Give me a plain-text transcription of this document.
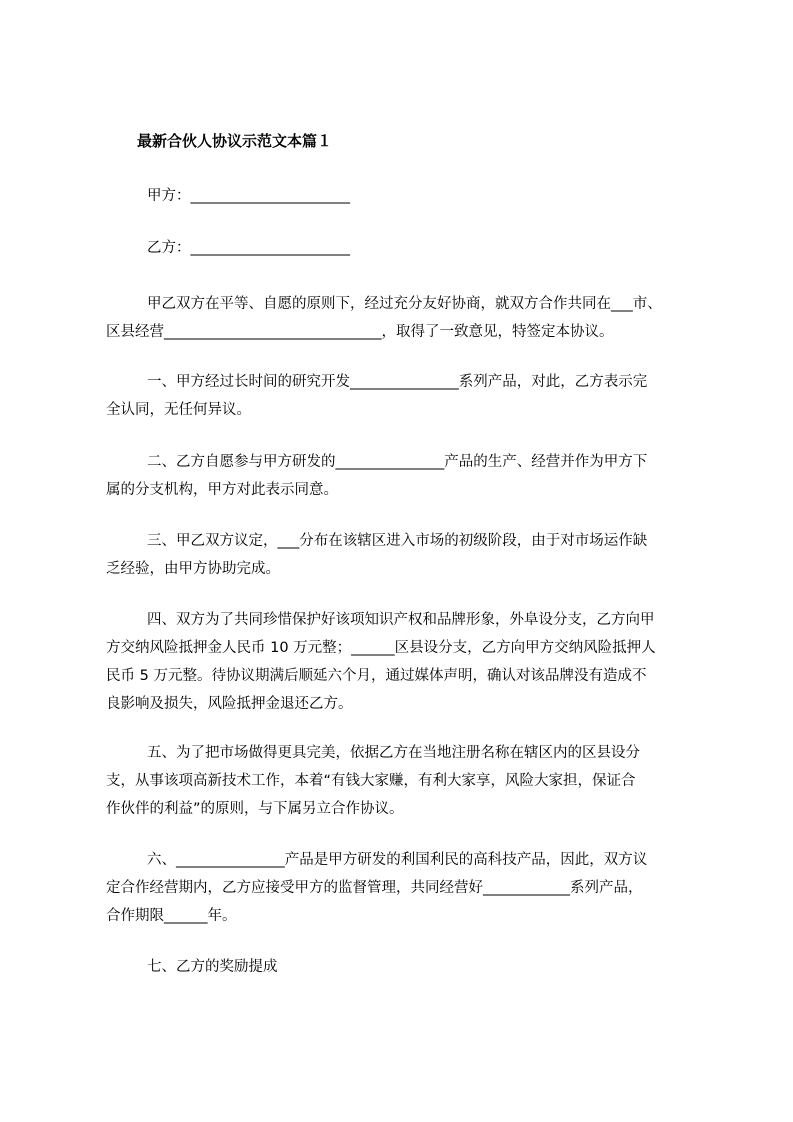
最新合伙人协议示范文本篇１
甲方：______________________
乙方：______________________
甲乙双方在平等、自愿的原则下，经过充分友好协商，就双方合作共同在___市、
区县经营______________________________，取得了一致意见，特签定本协议。
一、甲方经过长时间的研究开发_______________系列产品，对此，乙方表示完
全认同，无任何异议。
二、乙方自愿参与甲方研发的_______________产品的生产、经营并作为甲方下
属的分支机构，甲方对此表示同意。
三、甲乙双方议定，___分布在该辖区进入市场的初级阶段，由于对市场运作缺
乏经验，由甲方协助完成。
四、双方为了共同珍惜保护好该项知识产权和品牌形象，外阜设分支，乙方向甲
方交纳风险抵押金人民币 10 万元整；______区县设分支，乙方向甲方交纳风险抵押人
民币 5 万元整。待协议期满后顺延六个月，通过媒体声明，确认对该品牌没有造成不
良影响及损失，风险抵押金退还乙方。
五、为了把市场做得更具完美，依据乙方在当地注册名称在辖区内的区县设分
支，从事该项高新技术工作，本着“有钱大家赚，有利大家享，风险大家担，保证合
作伙伴的利益”的原则，与下属另立合作协议。
六、_______________产品是甲方研发的利国利民的高科技产品，因此，双方议
定合作经营期内，乙方应接受甲方的监督管理，共同经营好____________系列产品，
合作期限______年。
七、乙方的奖励提成
